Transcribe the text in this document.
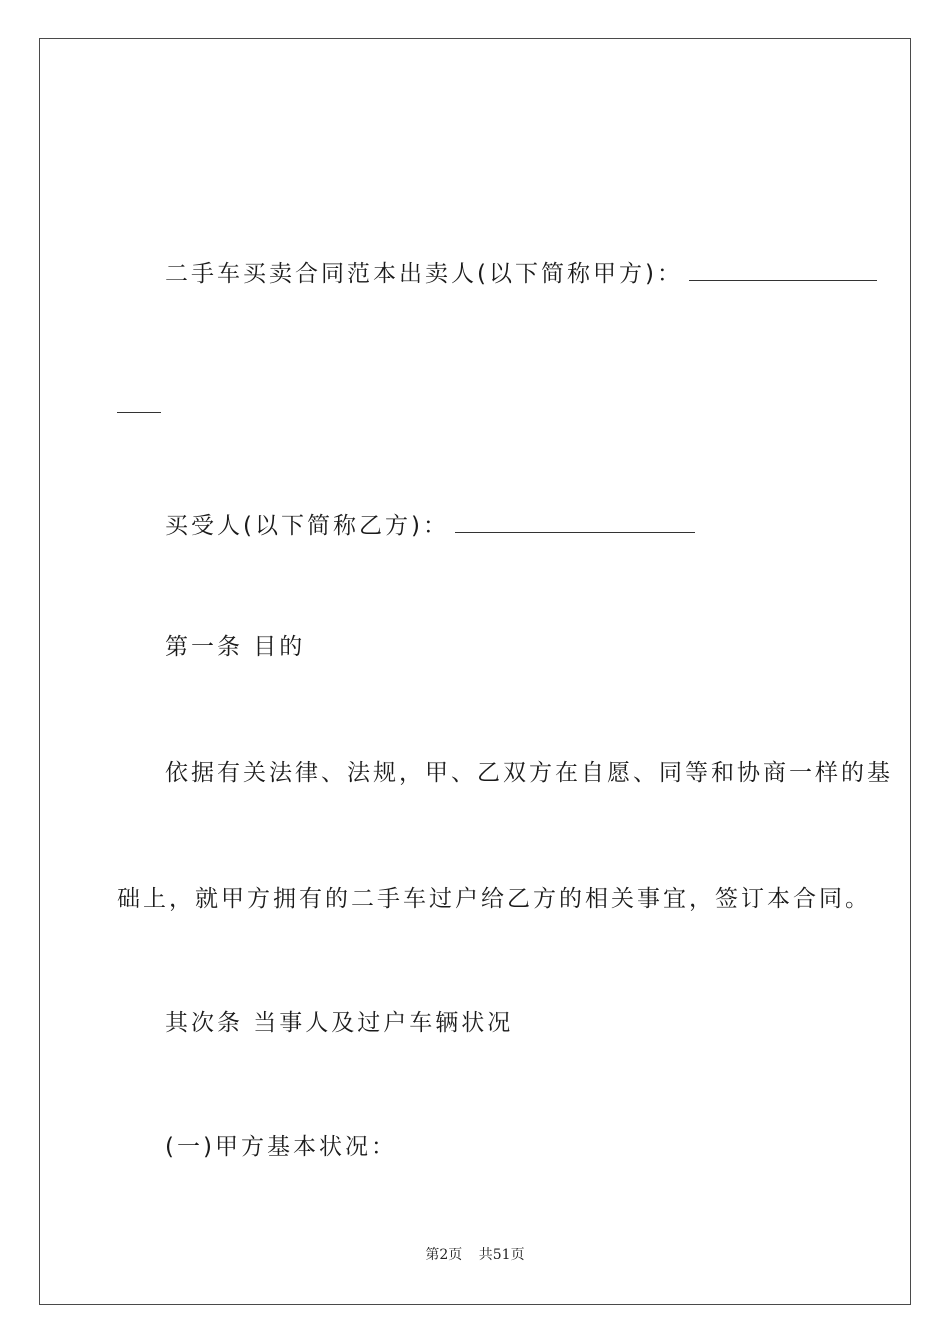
二手车买卖合同范本出卖人(以下简称甲方)：
买受人(以下简称乙方)：
第一条 目的
依据有关法律、法规，甲、乙双方在自愿、同等和协商一样的基
础上，就甲方拥有的二手车过户给乙方的相关事宜，签订本合同。
其次条 当事人及过户车辆状况
(一)甲方基本状况：
第2页 共51页
